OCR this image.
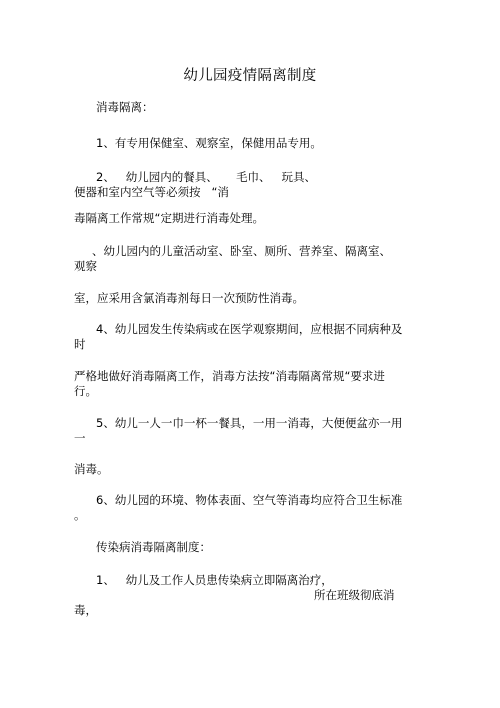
幼儿园疫情隔离制度
消毒隔离：
1、有专用保健室、观察室，保健用品专用。
2、   幼儿园内的餐具、     毛巾、   玩具、
便器和室内空气等必须按   “消
毒隔离工作常规“定期进行消毒处理。
、幼儿园内的儿童活动室、卧室、厕所、营养室、隔离室、
观察
室，应采用含氯消毒剂每日一次预防性消毒。
4、幼儿园发生传染病或在医学观察期间，应根据不同病种及
时
严格地做好消毒隔离工作，消毒方法按“消毒隔离常规“要求进
行。
5、幼儿一人一巾一杯一餐具，一用一消毒，大便便盆亦一用
一
消毒。
6、幼儿园的环境、物体表面、空气等消毒均应符合卫生标准
。
传染病消毒隔离制度：
1、   幼儿及工作人员患传染病立即隔离治疗，
所在班级彻底消
毒，
